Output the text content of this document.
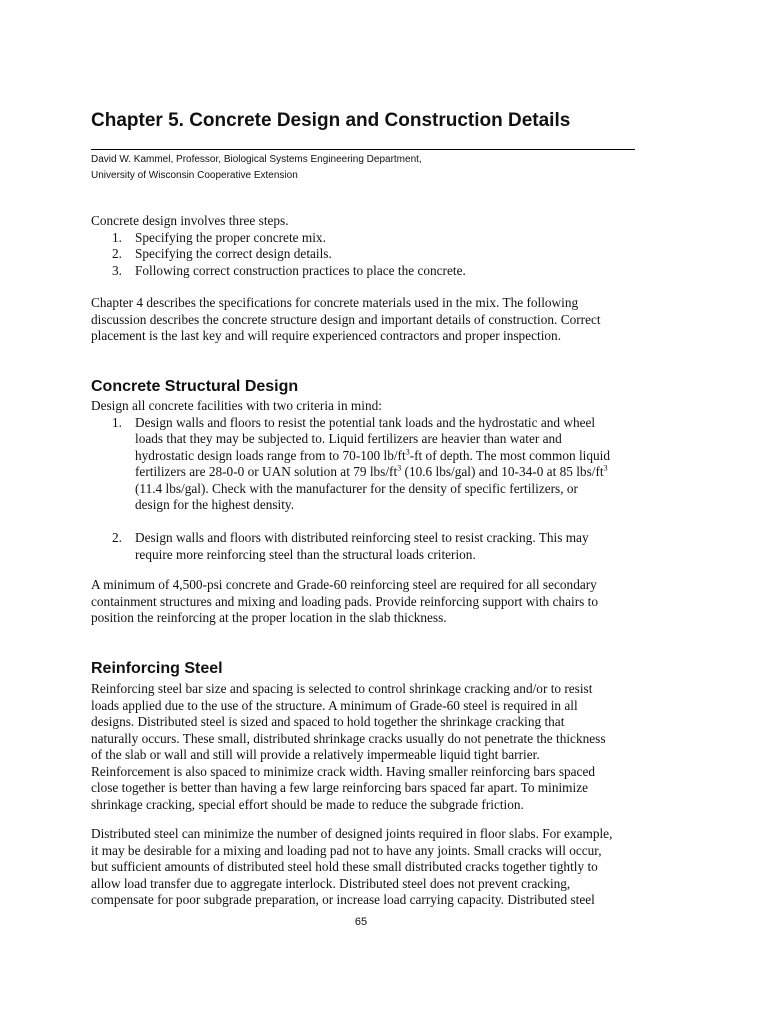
Chapter 5. Concrete Design and Construction Details
David W. Kammel, Professor, Biological Systems Engineering Department,
University of Wisconsin Cooperative Extension

Concrete design involves three steps.

1. Specifying the proper concrete mix.
2. Specifying the correct design details.
3. Following correct construction practices to place the concrete.
Chapter 4 describes the specifications for concrete materials used in the mix. The following
discussion describes the concrete structure design and important details of construction. Correct
placement is the last key and will require experienced contractors and proper inspection.
Concrete Structural Design

Design all concrete facilities with two criteria in mind:

1. Design walls and floors to resist the potential tank loads and the hydrostatic and wheel
loads that they may be subjected to. Liquid fertilizers are heavier than water and
hydrostatic design loads range from to 70-100 $lb/ft^3-ft$ of depth. The most common liquid
fertilizers are 28-0-0 or UAN solution at 79 lbs/$ft^3$ (10.6 lbs/gal) and 10-34-0 at 85 lbs/$ft^3$
(11.4 lbs/gal). Check with the manufacturer for the density of specific fertilizers, or
design for the highest density.
2. Design walls and floors with distributed reinforcing steel to resist cracking. This may
require more reinforcing steel than the structural loads criterion.
A minimum of 4,500-psi concrete and Grade-60 reinforcing steel are required for all secondary
containment structures and mixing and loading pads. Provide reinforcing support with chairs to
position the reinforcing at the proper location in the slab thickness.
Reinforcing Steel
Reinforcing steel bar size and spacing is selected to control shrinkage cracking and/or to resist
loads applied due to the use of the structure. A minimum of Grade-60 steel is required in all
designs. Distributed steel is sized and spaced to hold together the shrinkage cracking that
naturally occurs. These small, distributed shrinkage cracks usually do not penetrate the thickness
of the slab or wall and still will provide a relatively impermeable liquid tight barrier.
Reinforcement is also spaced to minimize crack width. Having smaller reinforcing bars spaced
close together is better than having a few large reinforcing bars spaced far apart. To minimize
shrinkage cracking, special effort should be made to reduce the subgrade friction.
Distributed steel can minimize the number of designed joints required in floor slabs. For example,
it may be desirable for a mixing and loading pad not to have any joints. Small cracks will occur,
but sufficient amounts of distributed steel hold these small distributed cracks together tightly to
allow load transfer due to aggregate interlock. Distributed steel does not prevent cracking,
compensate for poor subgrade preparation, or increase load carrying capacity. Distributed steel
65
